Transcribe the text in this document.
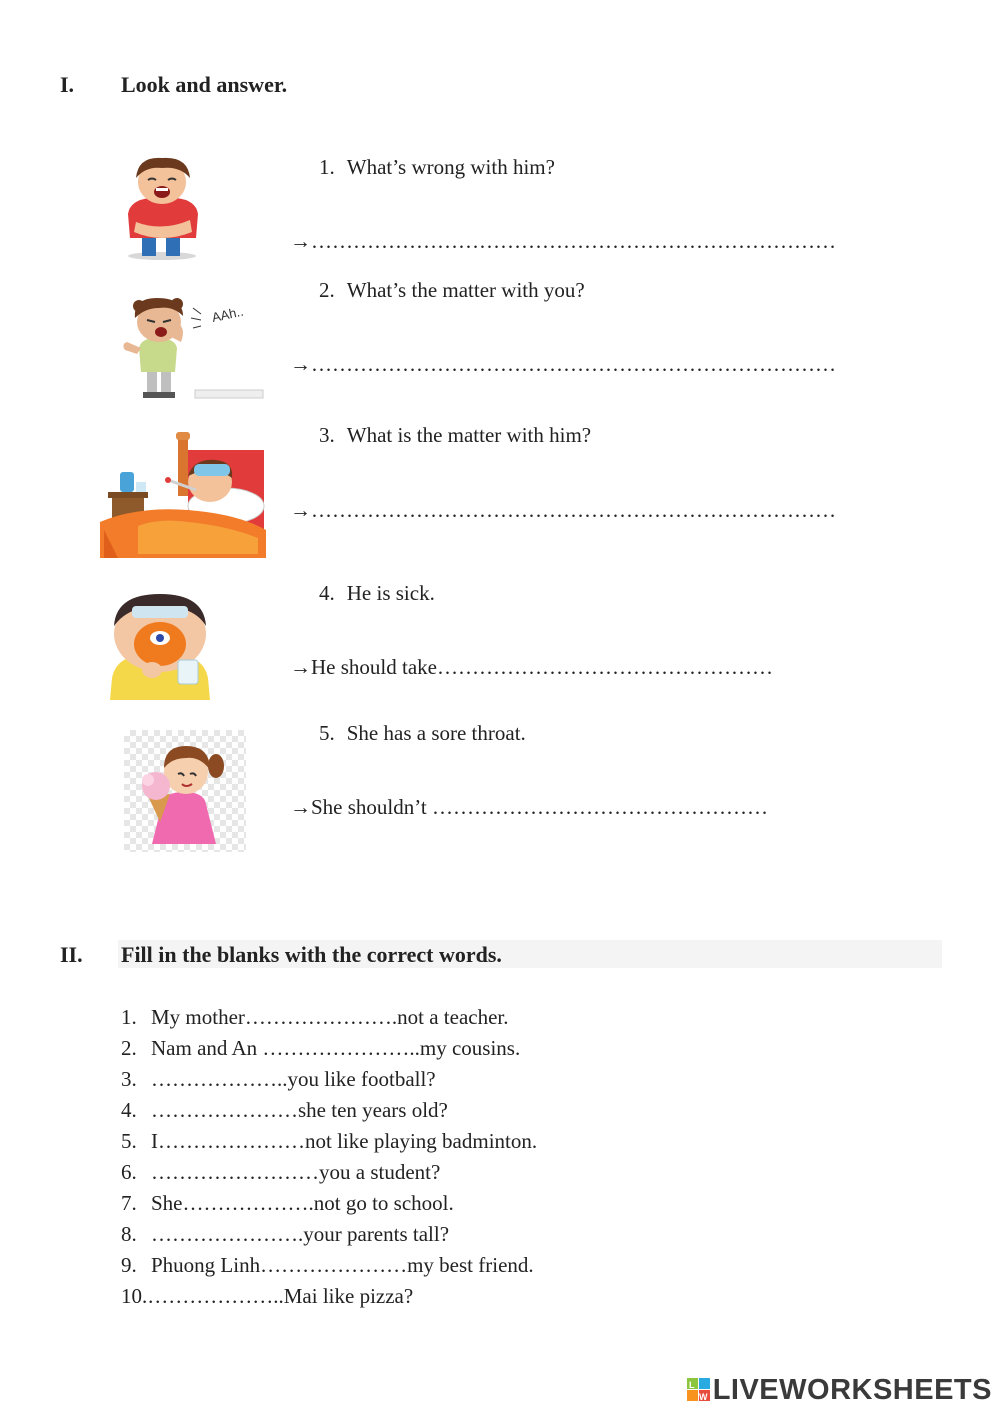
I. Look and answer.
1. What’s wrong with him?
→…………………………………………………………………
AAh..
2. What’s the matter with you?
→…………………………………………………………………
3. What is the matter with him?
→…………………………………………………………………
4. He is sick.
→He should take…………………………………………
5. She has a sore throat.
→She shouldn’t …………………………………………
II. Fill in the blanks with the correct words.
1. My mother………………….not a teacher.
2. Nam and An …………………..my cousins.
3. ………………..you like football?
4. …………………she ten years old?
5. I…………………not like playing badminton.
6. ……………………you a student?
7. She……………….not go to school.
8. ………………….your parents tall?
9. Phuong Linh…………………my best friend.
10.………………..Mai like pizza?
L
W LIVEWORKSHEETS
